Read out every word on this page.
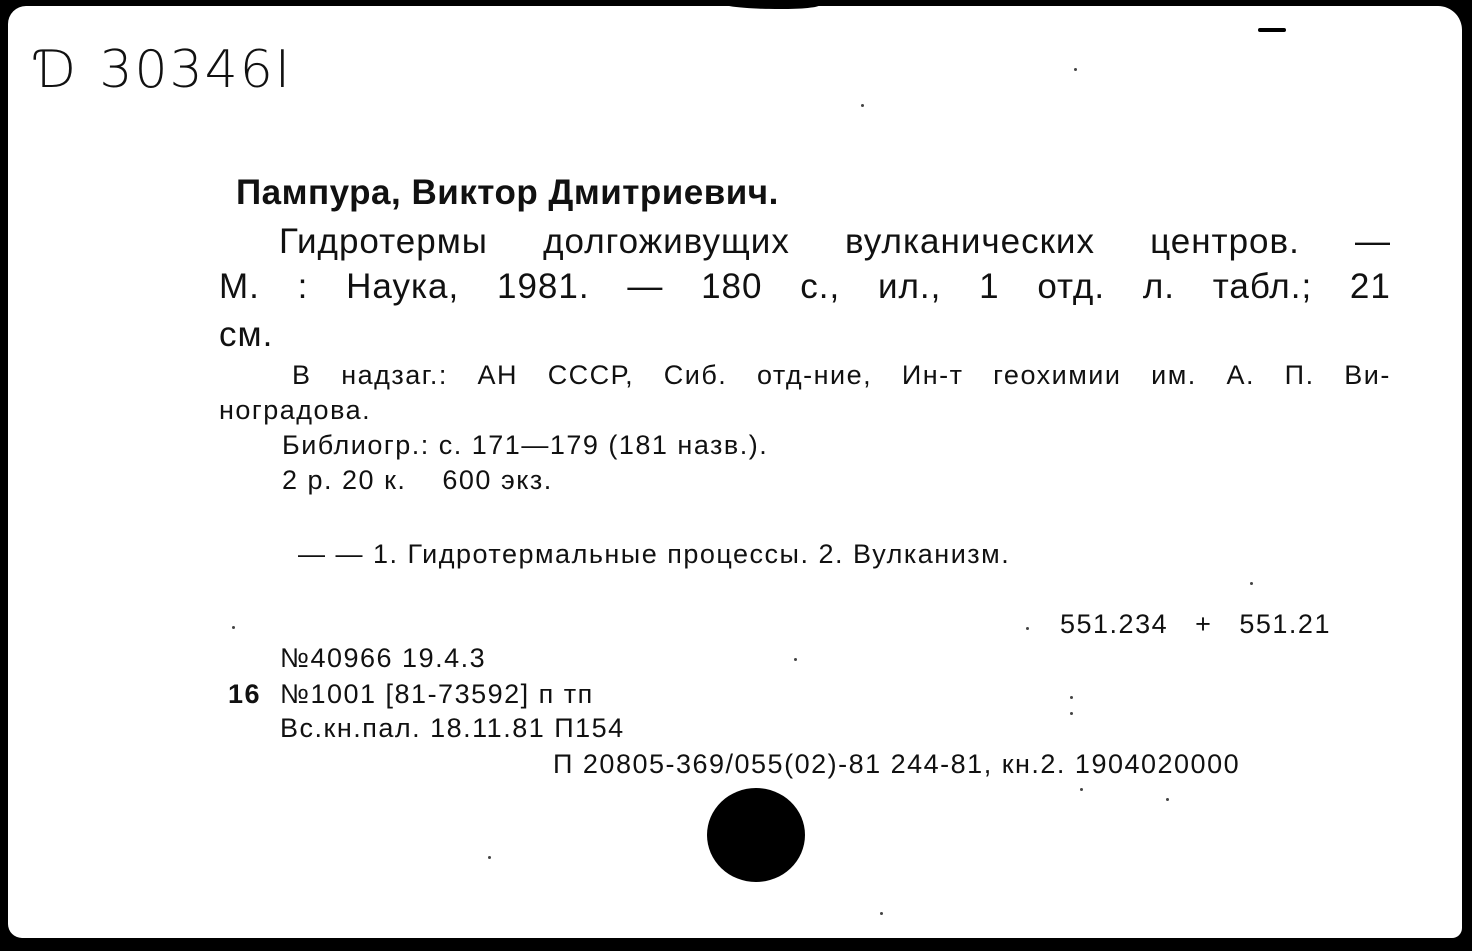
Ɗ 30346I
Пампура, Виктор Дмитриевич.
Гидротермы долгоживущих вулканических центров. —
М. : Наука, 1981. — 180 с., ил., 1 отд. л. табл.; 21
см.
В надзаг.: АН СССР, Сиб. отд-ние, Ин-т геохимии им. А. П. Ви-
ноградова.
Библиогр.: с. 171—179 (181 назв.).
2 р. 20 к.    600 экз.
— — 1. Гидротермальные процессы. 2. Вулканизм.
551.234   +   551.21
№40966 19.4.3
16 №1001 [81-73592] п тп
Вс.кн.пал. 18.11.81 П154
П 20805-369/055(02)-81 244-81, кн.2. 1904020000
